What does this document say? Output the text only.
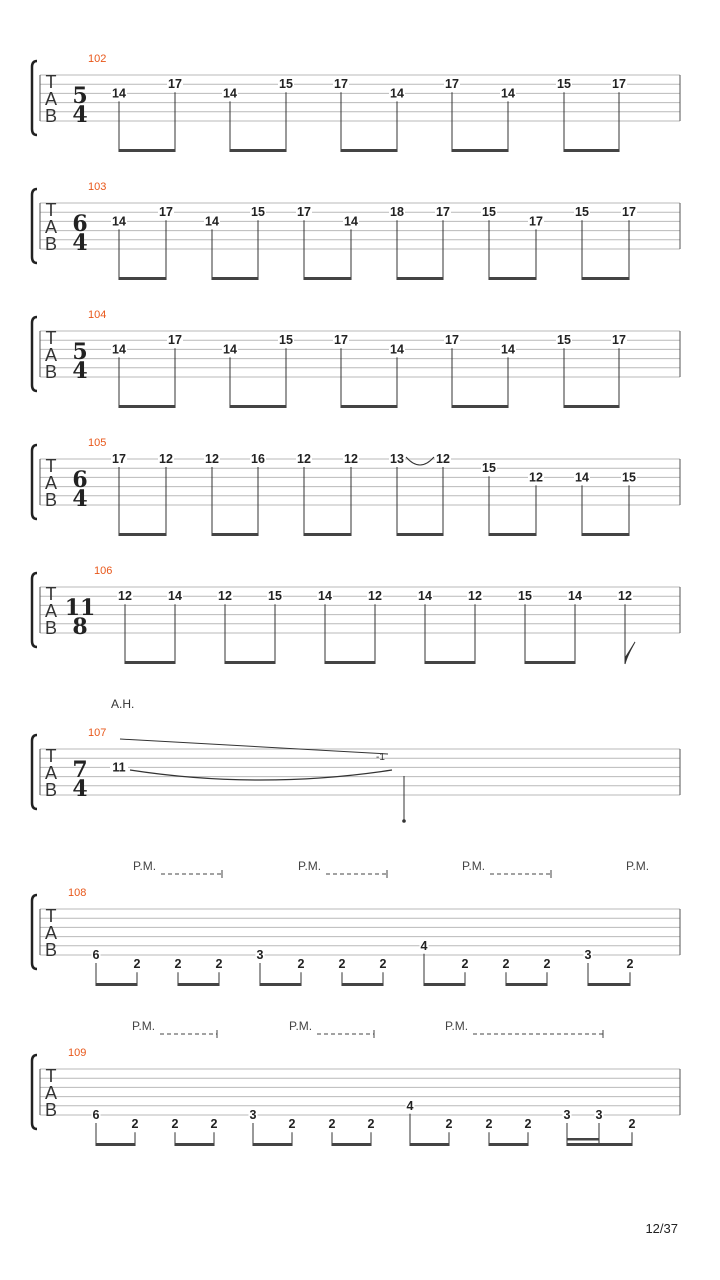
T
A
B
102
5
4
14
17
14
15	17
14
17
14
15	17
T
A
B
103
6
4
14
17
14
15	17
14
18	17	15
17
15	17
T
A
B
104
5
4
14
17
14
15	17
14
17
14
15	17
T
A
B
105
6
4
17	12	12	16	12	12	13	12
15
12	14	15
T
A
B
106
11
8
12	14	12	15	14	12	14	12	15	14	12
T
A
B
107
7
4
A.H.
11
-1
T
A
B
108
6
2	2	2
3
2	2	2
4
2	2	2
3
2
P.M.	P.M.	P.M.	P.M.
T
A
B
109
6
2	2	2
3
2	2	2
4
2	2	2
3 3
2
P.M.	P.M.	P.M.
12/37
